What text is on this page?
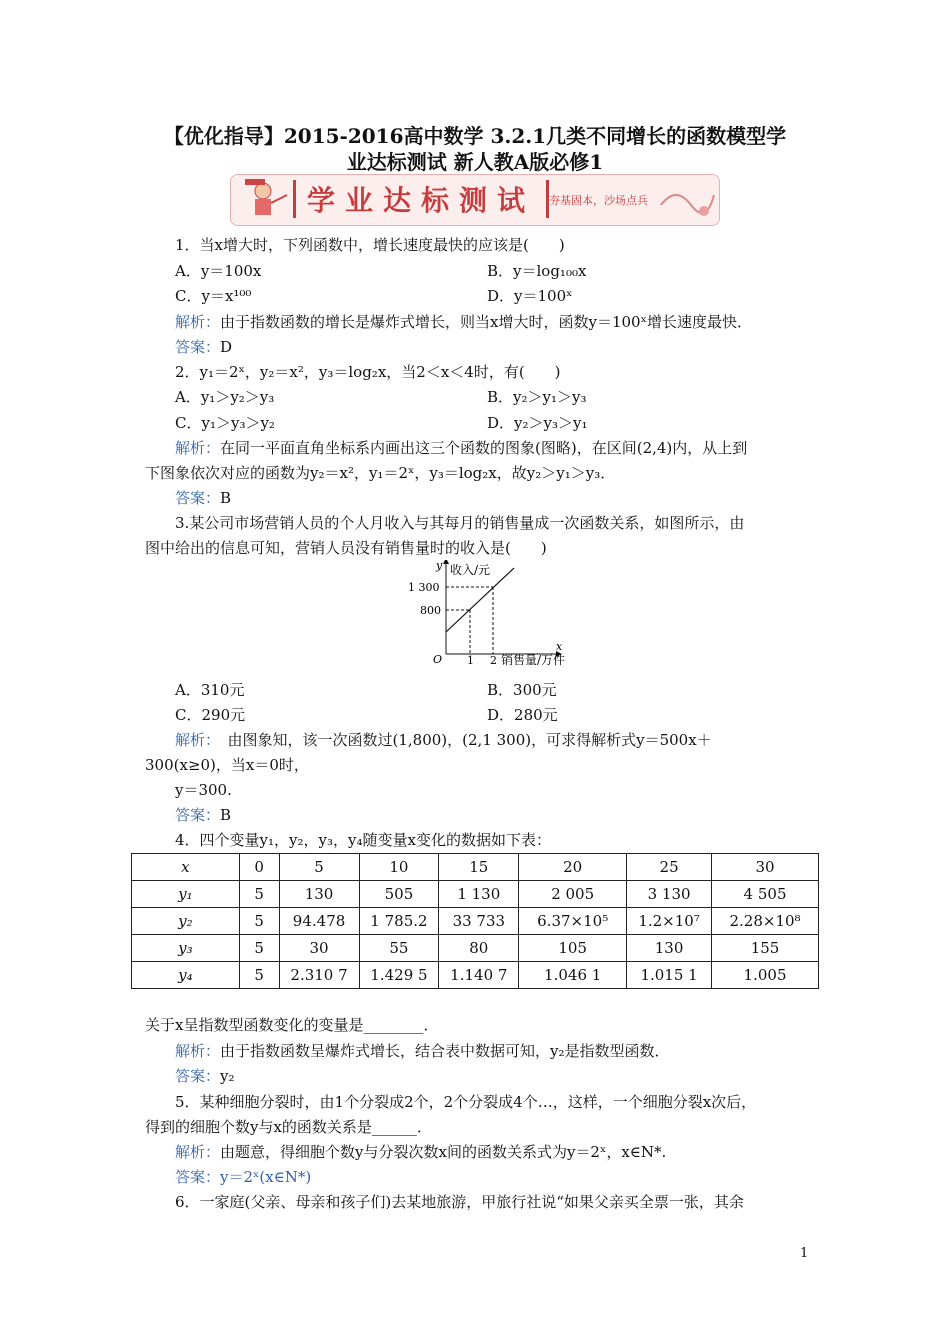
【优化指导】2015-2016高中数学 3.2.1几类不同增长的函数模型学
业达标测试 新人教A版必修1
学业达标测试 夯基固本，沙场点兵
1．当x增大时，下列函数中，增长速度最快的应该是(　　)
A．y＝100x	B．y＝log₁₀₀x
C．y＝x¹⁰⁰	D．y＝100ˣ
解析：由于指数函数的增长是爆炸式增长，则当x增大时，函数y＝100ˣ增长速度最快．
答案：D
2．y₁＝2ˣ，y₂＝x²，y₃＝log₂x，当2＜x＜4时，有(　　)
A．y₁＞y₂＞y₃	B．y₂＞y₁＞y₃
C．y₁＞y₃＞y₂	D．y₂＞y₃＞y₁
解析：在同一平面直角坐标系内画出这三个函数的图象(图略)，在区间(2,4)内，从上到
下图象依次对应的函数为y₂＝x²，y₁＝2ˣ，y₃＝log₂x，故y₂＞y₁＞y₃．
答案：B
3.某公司市场营销人员的个人月收入与其每月的销售量成一次函数关系，如图所示，由
图中给出的信息可知，营销人员没有销售量时的收入是(　　)
y 收入/元
1 300
800
O 1 2
x
销售量/万件
A．310元	B．300元
C．290元	D．280元
解析：　由图象知，该一次函数过(1,800)，(2,1 300)，可求得解析式y＝500x＋
300(x≥0)，当x＝0时，
y＝300.
答案：B
4．四个变量y₁，y₂，y₃，y₄随变量x变化的数据如下表：
x	0	5	10	15	20	25	30
y₁	5	130	505	1 130	2 005	3 130	4 505
y₂	5	94.478	1 785.2	33 733	6.37×10⁵	1.2×10⁷	2.28×10⁸
y₃	5	30	55	80	105	130	155
y₄	5	2.310 7	1.429 5	1.140 7	1.046 1	1.015 1	1.005
关于x呈指数型函数变化的变量是________．
解析：由于指数函数呈爆炸式增长，结合表中数据可知，y₂是指数型函数．
答案：y₂
5．某种细胞分裂时，由1个分裂成2个，2个分裂成4个…，这样，一个细胞分裂x次后，
得到的细胞个数y与x的函数关系是______．
解析：由题意，得细胞个数y与分裂次数x间的函数关系式为y＝2ˣ，x∈N*.
答案：y＝2ˣ(x∈N*)
6．一家庭(父亲、母亲和孩子们)去某地旅游，甲旅行社说“如果父亲买全票一张，其余
1
